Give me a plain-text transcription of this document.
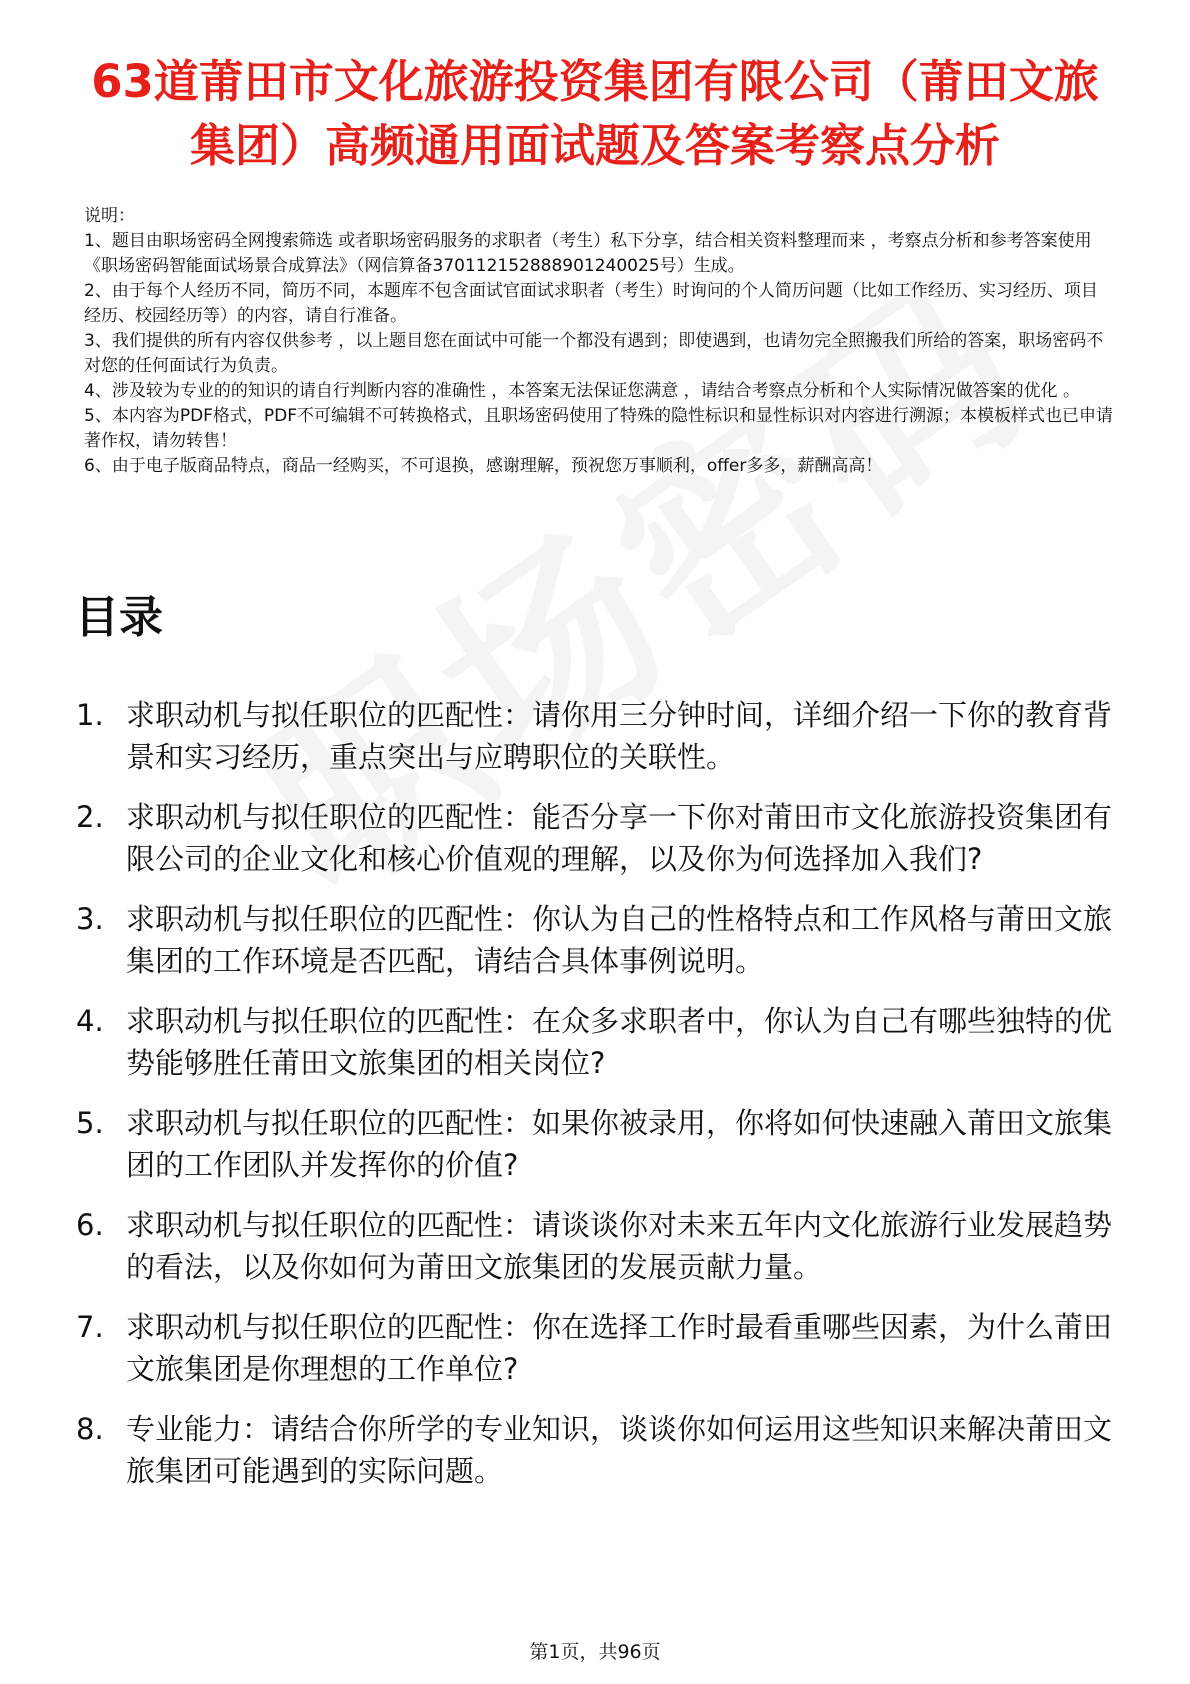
63道莆田市文化旅游投资集团有限公司（莆田文旅集团）高频通用面试题及答案考察点分析

说明：

1、题目由职场密码全网搜索筛选 或者职场密码服务的求职者（考生）私下分享，结合相关资料整理而来 ，考察点分析和参考答案使用《职场密码智能面试场景合成算法》（网信算备370112152888901240025号）生成。

2、由于每个人经历不同，简历不同，本题库不包含面试官面试求职者（考生）时询问的个人简历问题（比如工作经历、实习经历、项目经历、校园经历等）的内容，请自行准备。

3、我们提供的所有内容仅供参考 ，以上题目您在面试中可能一个都没有遇到；即使遇到，也请勿完全照搬我们所给的答案，职场密码不对您的任何面试行为负责。

4、涉及较为专业的的知识的请自行判断内容的准确性 ，本答案无法保证您满意 ，请结合考察点分析和个人实际情况做答案的优化 。

5、本内容为PDF格式，PDF不可编辑不可转换格式，且职场密码使用了特殊的隐性标识和显性标识对内容进行溯源；本模板样式也已申请著作权，请勿转售！

6、由于电子版商品特点，商品一经购买，不可退换，感谢理解，预祝您万事顺利，offer多多，薪酬高高！

目录
1. 求职动机与拟任职位的匹配性：请你用三分钟时间，详细介绍一下你的教育背景和实习经历，重点突出与应聘职位的关联性。
2. 求职动机与拟任职位的匹配性：能否分享一下你对莆田市文化旅游投资集团有限公司的企业文化和核心价值观的理解，以及你为何选择加入我们?
3. 求职动机与拟任职位的匹配性：你认为自己的性格特点和工作风格与莆田文旅集团的工作环境是否匹配，请结合具体事例说明。
4. 求职动机与拟任职位的匹配性：在众多求职者中，你认为自己有哪些独特的优势能够胜任莆田文旅集团的相关岗位?
5. 求职动机与拟任职位的匹配性：如果你被录用，你将如何快速融入莆田文旅集团的工作团队并发挥你的价值?
6. 求职动机与拟任职位的匹配性：请谈谈你对未来五年内文化旅游行业发展趋势的看法，以及你如何为莆田文旅集团的发展贡献力量。
7. 求职动机与拟任职位的匹配性：你在选择工作时最看重哪些因素，为什么莆田文旅集团是你理想的工作单位?
8. 专业能力：请结合你所学的专业知识，谈谈你如何运用这些知识来解决莆田文旅集团可能遇到的实际问题。
第1页，共96页
